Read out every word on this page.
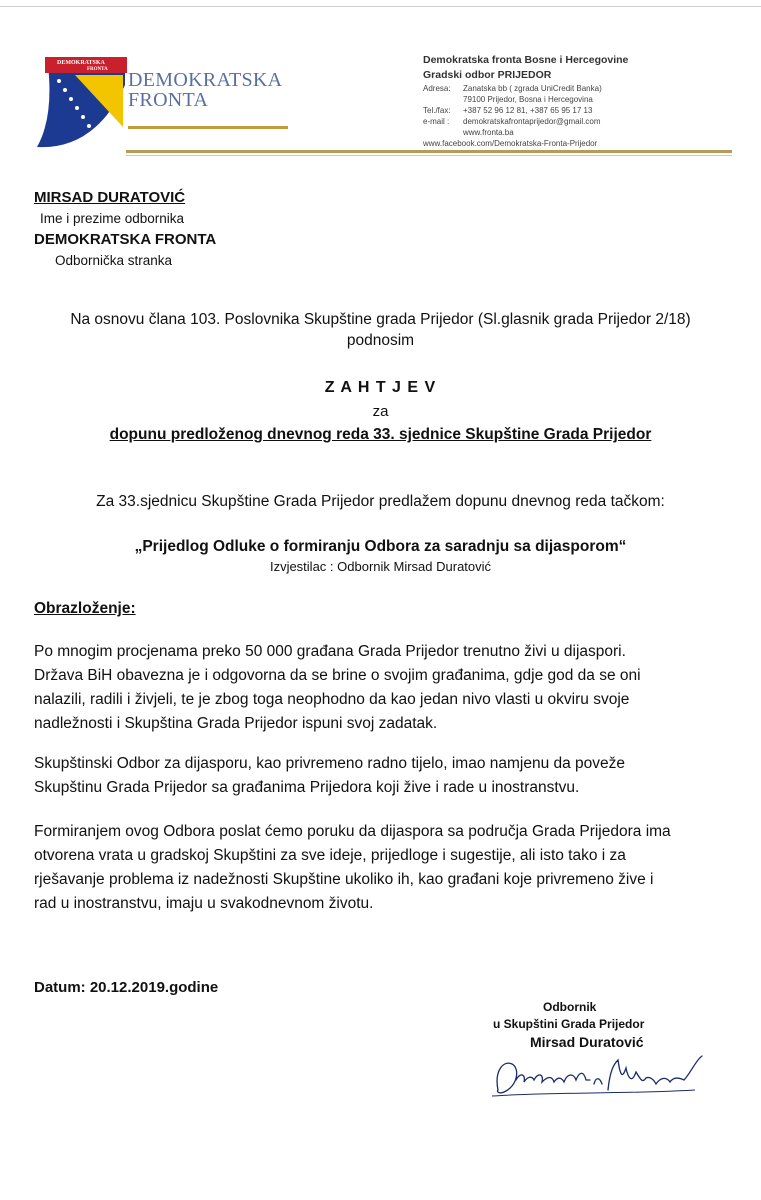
DEMOKRATSKA
FRONTA DEMOKRATSKA
FRONTA
Demokratska fronta Bosne i Hercegovine
Gradski odbor PRIJEDOR
Adresa:	Zanatska bb ( zgrada UniCredit Banka)
79100 Prijedor, Bosna i Hercegovina
Tel./fax:	+387 52 96 12 81, +387 65 95 17 13
e-mail :	demokratskafrontaprijedor@gmail.com
www.fronta.ba
www.facebook.com/Demokratska-Fronta-Prijedor
MIRSAD DURATOVIĆ
Ime i prezime odbornika
DEMOKRATSKA FRONTA
Odbornička stranka
Na osnovu člana 103. Poslovnika Skupštine grada Prijedor (Sl.glasnik grada Prijedor 2/18)
podnosim
Z A H T J E V
za
dopunu predloženog dnevnog reda 33. sjednice Skupštine Grada Prijedor
Za 33.sjednicu Skupštine Grada Prijedor predlažem dopunu dnevnog reda tačkom:
„Prijedlog Odluke o formiranju Odbora za saradnju sa dijasporom“
Izvjestilac : Odbornik Mirsad Duratović
Obrazloženje:
Po mnogim procjenama preko 50 000 građana Grada Prijedor trenutno živi u dijaspori.
Država BiH obavezna je i odgovorna da se brine o svojim građanima, gdje god da se oni
nalazili, radili i živjeli, te je zbog toga neophodno da kao jedan nivo vlasti u okviru svoje
nadležnosti i Skupština Grada Prijedor ispuni svoj zadatak.
Skupštinski Odbor za dijasporu, kao privremeno radno tijelo, imao namjenu da poveže
Skupštinu Grada Prijedor sa građanima Prijedora koji žive i rade u inostranstvu.
Formiranjem ovog Odbora poslat ćemo poruku da dijaspora sa područja Grada Prijedora ima
otvorena vrata u gradskoj Skupštini za sve ideje, prijedloge i sugestije, ali isto tako i za
rješavanje problema iz nadežnosti Skupštine ukoliko ih, kao građani koje privremeno žive i
rad u inostranstvu, imaju u svakodnevnom životu.
Datum: 20.12.2019.godine
Odbornik
u Skupštini Grada Prijedor
Mirsad Duratović
